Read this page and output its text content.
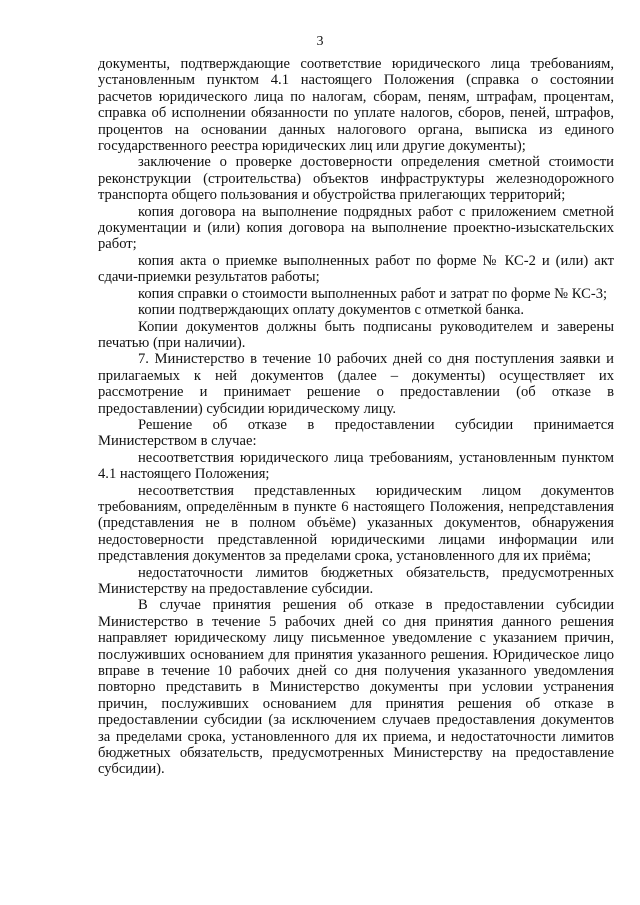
3

документы, подтверждающие соответствие юридического лица требованиям, установленным пунктом 4.1 настоящего Положения (справка о состоянии расчетов юридического лица по налогам, сборам, пеням, штрафам, процентам, справка об исполнении обязанности по уплате налогов, сборов, пеней, штрафов, процентов на основании данных налогового органа, выписка из единого государственного реестра юридических лиц или другие документы);

заключение о проверке достоверности определения сметной стоимости реконструкции (строительства) объектов инфраструктуры железнодорожного транспорта общего пользования и обустройства прилегающих территорий;

копия договора на выполнение подрядных работ с приложением сметной документации и (или) копия договора на выполнение проектно-изыскательских работ;

копия акта о приемке выполненных работ по форме № КС-2 и (или) акт сдачи-приемки результатов работы;

копия справки о стоимости выполненных работ и затрат по форме № КС-3;

копии подтверждающих оплату документов с отметкой банка.

Копии документов должны быть подписаны руководителем и заверены печатью (при наличии).

7. Министерство в течение 10 рабочих дней со дня поступления заявки и прилагаемых к ней документов (далее – документы) осуществляет их рассмотрение и принимает решение о предоставлении (об отказе в предоставлении) субсидии юридическому лицу.

Решение об отказе в предоставлении субсидии принимается Министерством в случае:

несоответствия юридического лица требованиям, установленным пунктом 4.1 настоящего Положения;

несоответствия представленных юридическим лицом документов требованиям, определённым в пункте 6 настоящего Положения, непредставления (представления не в полном объёме) указанных документов, обнаружения недостоверности представленной юридическими лицами информации или представления документов за пределами срока, установленного для их приёма;

недостаточности лимитов бюджетных обязательств, предусмотренных Министерству на предоставление субсидии.

В случае принятия решения об отказе в предоставлении субсидии Министерство в течение 5 рабочих дней со дня принятия данного решения направляет юридическому лицу письменное уведомление с указанием причин, послуживших основанием для принятия указанного решения. Юридическое лицо вправе в течение 10 рабочих дней со дня получения указанного уведомления повторно представить в Министерство документы при условии устранения причин, послуживших основанием для принятия решения об отказе в предоставлении субсидии (за исключением случаев предоставления документов за пределами срока, установленного для их приема, и недостаточности лимитов бюджетных обязательств, предусмотренных Министерству на предоставление субсидии).
